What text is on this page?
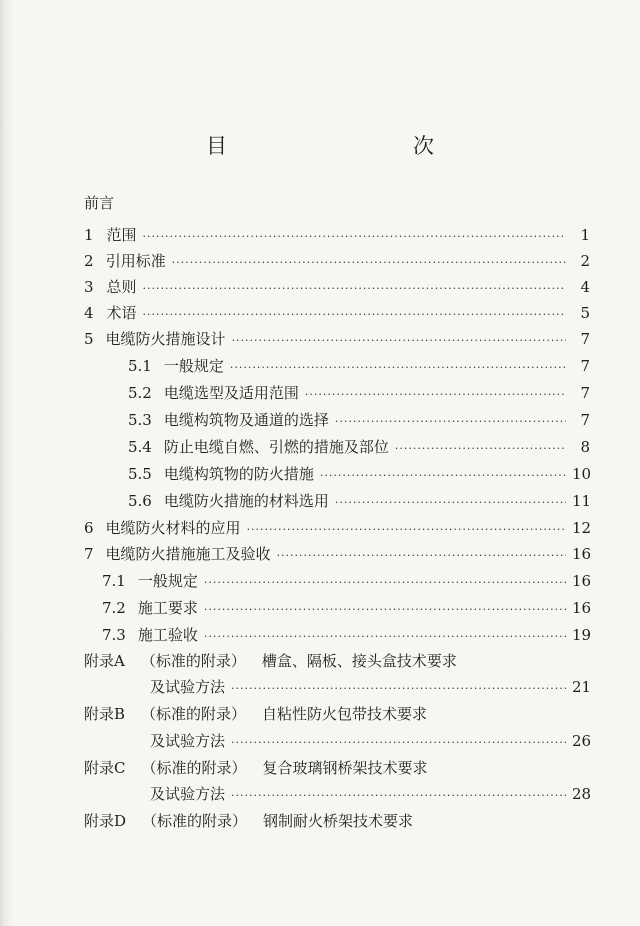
目　　次
前言
1 范围 ·····	1
2 引用标准 ·····	2
3 总则 ·····	4
4 术语 ·····	5
5 电缆防火措施设计 ·····	7
5.1 一般规定 ·····	7
5.2 电缆选型及适用范围 ·····	7
5.3 电缆构筑物及通道的选择 ·····	7
5.4 防止电缆自燃、引燃的措施及部位 ·····	8
5.5 电缆构筑物的防火措施 ·····	10
5.6 电缆防火措施的材料选用 ·····	11
6 电缆防火材料的应用 ·····	12
7 电缆防火措施施工及验收 ·····	16
7.1 一般规定 ·····	16
7.2 施工要求 ·····	16
7.3 施工验收 ·····	19
附录A （标准的附录） 槽盒、隔板、接头盒技术要求
及试验方法 ·····	21
附录B （标准的附录） 自粘性防火包带技术要求
及试验方法 ·····	26
附录C （标准的附录） 复合玻璃钢桥架技术要求
及试验方法 ·····	28
附录D （标准的附录） 钢制耐火桥架技术要求
